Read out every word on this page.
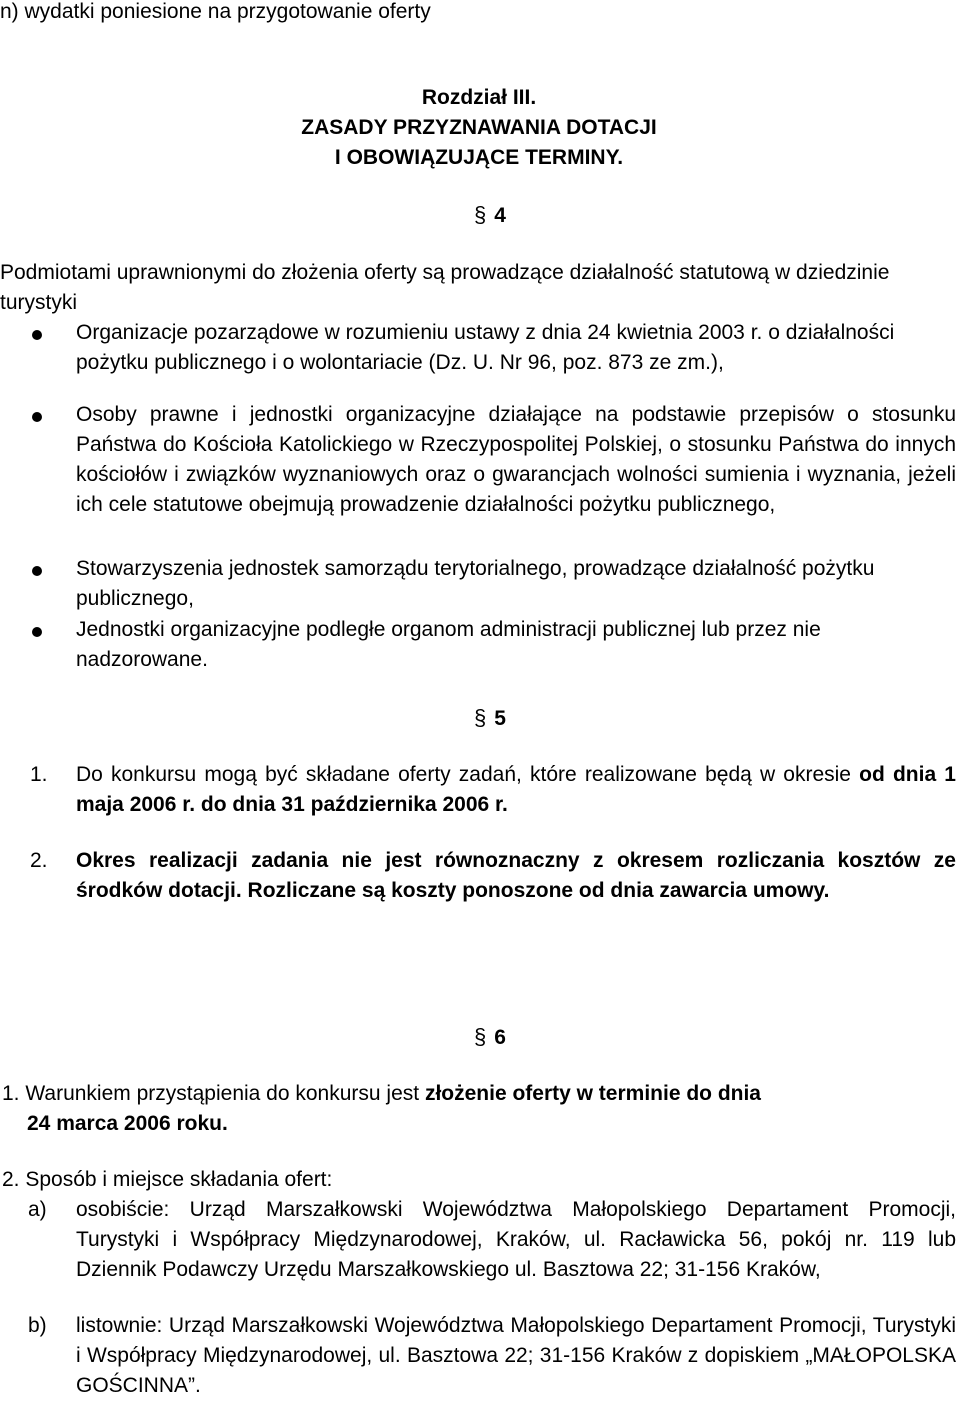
n) wydatki poniesione na przygotowanie oferty

Rozdział III.

ZASADY PRZYZNAWANIA DOTACJI

I OBOWIĄZUJĄCE TERMINY.

§ 4

Podmiotami uprawnionymi do złożenia oferty są prowadzące działalność statutową w dziedzinie turystyki

Organizacje pozarządowe w rozumieniu ustawy z dnia 24 kwietnia 2003 r. o działalności pożytku publicznego i o wolontariacie (Dz. U. Nr 96, poz. 873 ze zm.),

Osoby prawne i jednostki organizacyjne działające na podstawie przepisów o stosunku Państwa do Kościoła Katolickiego w Rzeczypospolitej Polskiej, o stosunku Państwa do innych kościołów i związków wyznaniowych oraz o gwarancjach wolności sumienia i wyznania, jeżeli ich cele statutowe obejmują prowadzenie działalności pożytku publicznego,

Stowarzyszenia jednostek samorządu terytorialnego, prowadzące działalność pożytku publicznego,

Jednostki organizacyjne podległe organom administracji publicznej lub przez nie nadzorowane.

§ 5
1. Do konkursu mogą być składane oferty zadań, które realizowane będą w okresie od dnia 1 maja 2006 r. do dnia 31 października 2006 r.

2. Okres realizacji zadania nie jest równoznaczny z okresem rozliczania kosztów ze środków dotacji. Rozliczane są koszty ponoszone od dnia zawarcia umowy.

§ 6

1. Warunkiem przystąpienia do konkursu jest złożenie oferty w terminie do dnia

24 marca 2006 roku.

2. Sposób i miejsce składania ofert:

a) osobiście: Urząd Marszałkowski Województwa Małopolskiego Departament Promocji, Turystyki i Współpracy Międzynarodowej, Kraków, ul. Racławicka 56, pokój nr. 119 lub Dziennik Podawczy Urzędu Marszałkowskiego ul. Basztowa 22; 31-156 Kraków,

b) listownie: Urząd Marszałkowski Województwa Małopolskiego Departament Promocji, Turystyki i Współpracy Międzynarodowej, ul. Basztowa 22; 31-156 Kraków z dopiskiem „MAŁOPOLSKA GOŚCINNA”.
